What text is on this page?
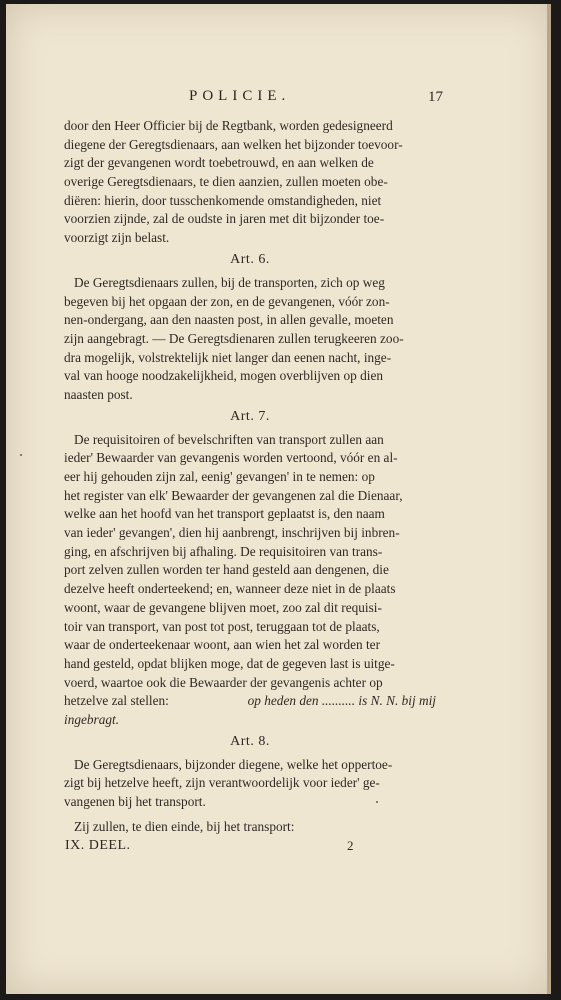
POLICIE.	17
door den Heer Officier bij de Regtbank, worden gedesigneerd
diegene der Geregtsdienaars, aan welken het bijzonder toevoor-
zigt der gevangenen wordt toebetrouwd, en aan welken de
overige Geregtsdienaars, te dien aanzien, zullen moeten obe-
diëren: hierin, door tusschenkomende omstandigheden, niet
voorzien zijnde, zal de oudste in jaren met dit bijzonder toe-
voorzigt zijn belast.
Art. 6.
De Geregtsdienaars zullen, bij de transporten, zich op weg
begeven bij het opgaan der zon, en de gevangenen, vóór zon-
nen-ondergang, aan den naasten post, in allen gevalle, moeten
zijn aangebragt. — De Geregtsdienaren zullen terugkeeren zoo-
dra mogelijk, volstrektelijk niet langer dan eenen nacht, inge-
val van hooge noodzakelijkheid, mogen overblijven op dien
naasten post.
Art. 7.
De requisitoiren of bevelschriften van transport zullen aan
ieder' Bewaarder van gevangenis worden vertoond, vóór en al-
eer hij gehouden zijn zal, eenig' gevangen' in te nemen: op
het register van elk' Bewaarder der gevangenen zal die Dienaar,
welke aan het hoofd van het transport geplaatst is, den naam
van ieder' gevangen', dien hij aanbrengt, inschrijven bij inbren-
ging, en afschrijven bij afhaling. De requisitoiren van trans-
port zelven zullen worden ter hand gesteld aan dengenen, die
dezelve heeft onderteekend; en, wanneer deze niet in de plaats
woont, waar de gevangene blijven moet, zoo zal dit requisi-
toir van transport, van post tot post, teruggaan tot de plaats,
waar de onderteekenaar woont, aan wien het zal worden ter
hand gesteld, opdat blijken moge, dat de gegeven last is uitge-
voerd, waartoe ook die Bewaarder der gevangenis achter op
hetzelve zal stellen:	op heden den .......... is N. N. bij mij
ingebragt.
Art. 8.
De Geregtsdienaars, bijzonder diegene, welke het oppertoe-
zigt bij hetzelve heeft, zijn verantwoordelijk voor ieder' ge-
vangenen bij het transport.
Zij zullen, te dien einde, bij het transport:
IX. DEEL.	2
